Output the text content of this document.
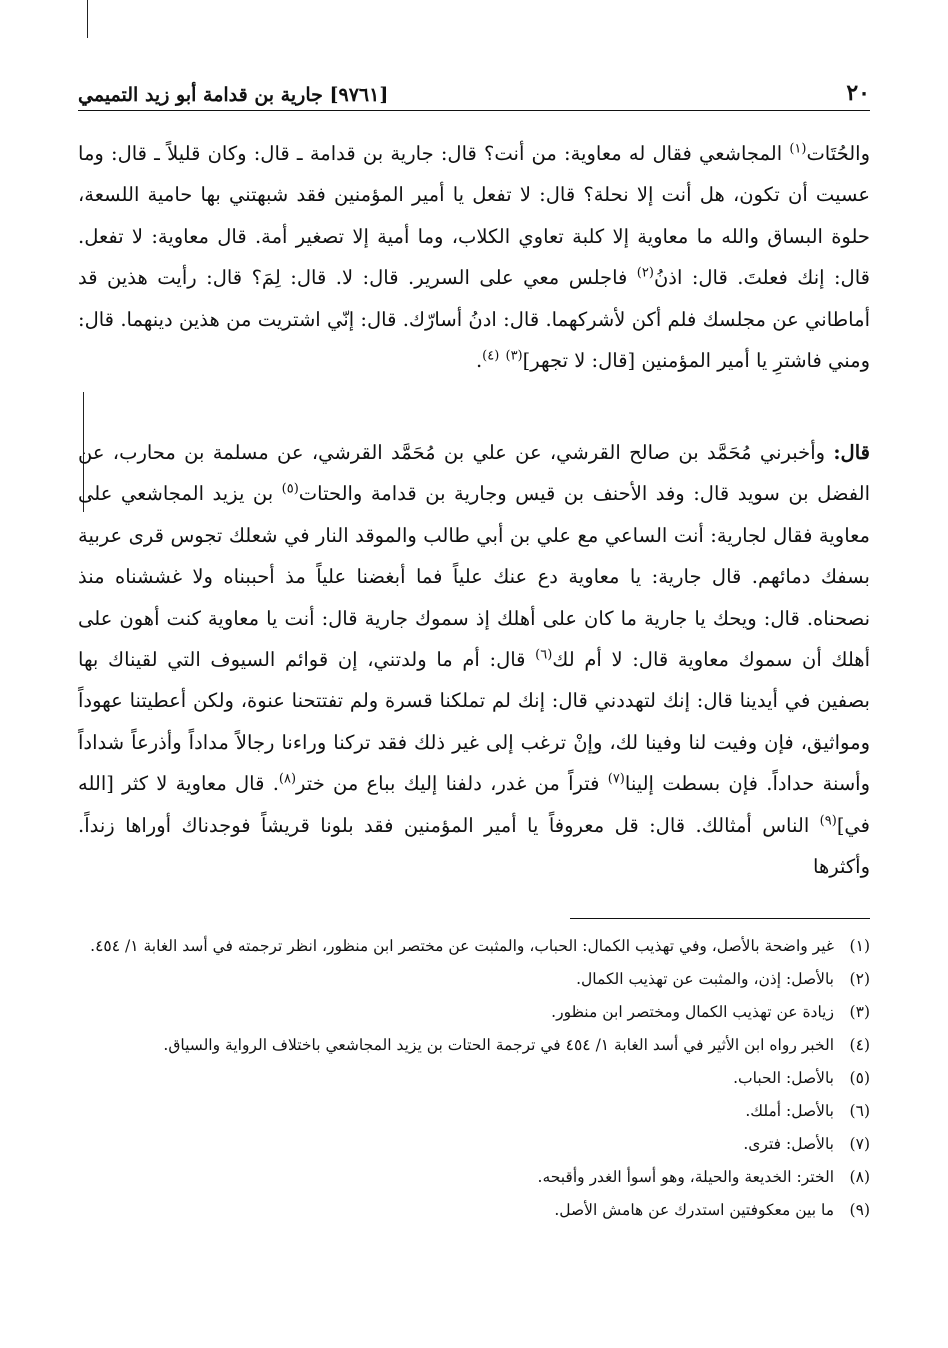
٢٠
[٩٧٦١] جارية بن قدامة أبو زيد التميمي

والحُتَات$^{(١)}$ المجاشعي فقال له معاوية: من أنت؟ قال: جارية بن قدامة ـ قال: وكان قليلاً ـ قال: وما عسيت أن تكون، هل أنت إلا نحلة؟ قال: لا تفعل يا أمير المؤمنين فقد شبهتني بها حامية اللسعة، حلوة البساق والله ما معاوية إلا كلبة تعاوي الكلاب، وما أمية إلا تصغير أمة. قال معاوية: لا تفعل. قال: إنك فعلتَ. قال: اذنُ$^{(٢)}$ فاجلس معي على السرير. قال: لا. قال: لِمَ؟ قال: رأيت هذين قد أماطاني عن مجلسك فلم أكن لأشركهما. قال: ادنُ أسارّك. قال: إنّي اشتريت من هذين دينهما. قال: ومني فاشترِ يا أمير المؤمنين [قال: لا تجهر]$^{(٣)}$ $^{(٤)}$.

قال: وأخبرني مُحَمَّد بن صالح القرشي، عن علي بن مُحَمَّد القرشي، عن مسلمة بن محارب، عن الفضل بن سويد قال: وفد الأحنف بن قيس وجارية بن قدامة والحتات$^{(٥)}$ بن يزيد المجاشعي على معاوية فقال لجارية: أنت الساعي مع علي بن أبي طالب والموقد النار في شعلك تجوس قرى عربية بسفك دمائهم. قال جارية: يا معاوية دع عنك علياً فما أبغضنا علياً مذ أحببناه ولا غششناه منذ نصحناه. قال: ويحك يا جارية ما كان على أهلك إذ سموك جارية قال: أنت يا معاوية كنت أهون على أهلك أن سموك معاوية قال: لا أم لك$^{(٦)}$ قال: أم ما ولدتني، إن قوائم السيوف التي لقيناك بها بصفين في أيدينا قال: إنك لتهددني قال: إنك لم تملكنا قسرة ولم تفتتحنا عنوة، ولكن أعطيتنا عهوداً ومواثيق، فإن وفيت لنا وفينا لك، وإنْ ترغب إلى غير ذلك فقد تركنا وراءنا رجالاً مداداً وأذرعاً شداداً وأسنة حداداً. فإن بسطت إلينا$^{(٧)}$ فتراً من غدر، دلفنا إليك بباع من ختر$^{(٨)}$. قال معاوية لا كثر [الله في]$^{(٩)}$ الناس أمثالك. قال: قل معروفاً يا أمير المؤمنين فقد بلونا قريشاً فوجدناك أوراها زنداً. وأكثرها

(١)
غير واضحة بالأصل، وفي تهذيب الكمال: الحباب، والمثبت عن مختصر ابن منظور، انظر ترجمته في أسد الغابة ١/ ٤٥٤.
(٢)
بالأصل: إذن، والمثبت عن تهذيب الكمال.
(٣)
زيادة عن تهذيب الكمال ومختصر ابن منظور.
(٤)
الخبر رواه ابن الأثير في أسد الغابة ١/ ٤٥٤ في ترجمة الحتات بن يزيد المجاشعي باختلاف الرواية والسياق.
(٥)
بالأصل: الحباب.
(٦)
بالأصل: أملك.
(٧)
بالأصل: فترى.
(٨)
الختر: الخديعة والحيلة، وهو أسوأ الغدر وأقبحه.
(٩)
ما بين معكوفتين استدرك عن هامش الأصل.
